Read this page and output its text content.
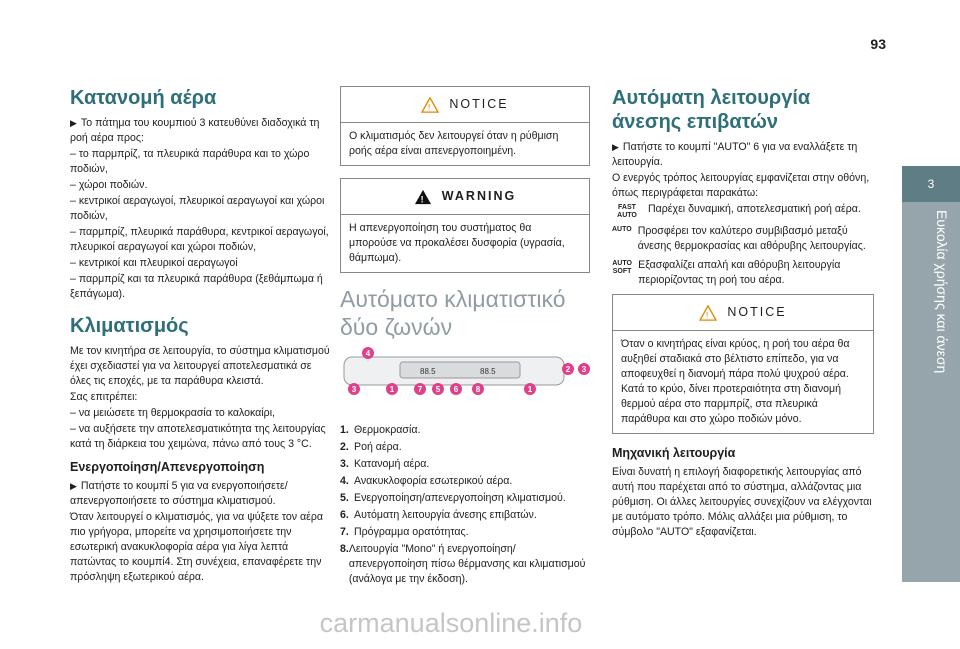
93
3
Ευκολία χρήσης και άνεση
Κατανομή αέρα

▶ Το πάτημα του κουμπιού 3 κατευθύνει διαδοχικά τη ροή αέρα προς:

– το παρμπρίζ, τα πλευρικά παράθυρα και το χώρο ποδιών,

– χώροι ποδιών.

– κεντρικοί αεραγωγοί, πλευρικοί αεραγωγοί και χώροι ποδιών,

– παρμπρίζ, πλευρικά παράθυρα, κεντρικοί αεραγωγοί, πλευρικοί αεραγωγοί και χώροι ποδιών,

– κεντρικοί και πλευρικοί αεραγωγοί

– παρμπρίζ και τα πλευρικά παράθυρα (ξεθάμπωμα ή ξεπάγωμα).

Κλιματισμός

Με τον κινητήρα σε λειτουργία, το σύστημα κλιματισμού έχει σχεδιαστεί για να λειτουργεί αποτελεσματικά σε όλες τις εποχές, με τα παράθυρα κλειστά.

Σας επιτρέπει:

– να μειώσετε τη θερμοκρασία το καλοκαίρι,

– να αυξήσετε την αποτελεσματικότητα της λειτουργίας κατά τη διάρκεια του χειμώνα, πάνω από τους 3 °C.

Ενεργοποίηση/Απενεργοποίηση

▶ Πατήστε το κουμπί 5 για να ενεργοποιήσετε/απενεργοποιήσετε το σύστημα κλιματισμού.

Όταν λειτουργεί ο κλιματισμός, για να ψύξετε τον αέρα πιο γρήγορα, μπορείτε να χρησιμοποιήσετε την εσωτερική ανακυκλοφορία αέρα για λίγα λεπτά πατώντας το κουμπί4. Στη συνέχεια, επαναφέρετε την πρόσληψη εξωτερικού αέρα.

! NOTICE
Ο κλιματισμός δεν λειτουργεί όταν η ρύθμιση ροής αέρα είναι απενεργοποιημένη.
! WARNING
Η απενεργοποίηση του συστήματος θα μπορούσε να προκαλέσει δυσφορία (υγρασία, θάμπωμα).
Αυτόματο κλιματιστικό δύο ζωνών
88.5	88.5
4
3	1	7 5 6 8	1
2 3
1. Θερμοκρασία.
2. Ροή αέρα.
3. Κατανομή αέρα.
4. Ανακυκλοφορία εσωτερικού αέρα.
5. Ενεργοποίηση/απενεργοποίηση κλιματισμού.
6. Αυτόματη λειτουργία άνεσης επιβατών.
7. Πρόγραμμα ορατότητας.
8. Λειτουργία "Mono" ή ενεργοποίηση/απενεργοποίηση πίσω θέρμανσης και κλιματισμού (ανάλογα με την έκδοση).
Αυτόματη λειτουργία άνεσης επιβατών

▶ Πατήστε το κουμπί "AUTO" 6 για να εναλλάξετε τη λειτουργία.

Ο ενεργός τρόπος λειτουργίας εμφανίζεται στην οθόνη, όπως περιγράφεται παρακάτω:

FAST AUTO
Παρέχει δυναμική, αποτελεσματική ροή αέρα.
AUTO Προσφέρει τον καλύτερο συμβιβασμό μεταξύ άνεσης θερμοκρασίας και αθόρυβης λειτουργίας.
AUTO SOFT
Εξασφαλίζει απαλή και αθόρυβη λειτουργία περιορίζοντας τη ροή του αέρα.
! NOTICE
Όταν ο κινητήρας είναι κρύος, η ροή του αέρα θα αυξηθεί σταδιακά στο βέλτιστο επίπεδο, για να αποφευχθεί η διανομή πάρα πολύ ψυχρού αέρα. Κατά το κρύο, δίνει προτεραιότητα στη διανομή θερμού αέρα στο παρμπρίζ, στα πλευρικά παράθυρα και στο χώρο ποδιών μόνο.
Μηχανική λειτουργία

Είναι δυνατή η επιλογή διαφορετικής λειτουργίας από αυτή που παρέχεται από το σύστημα, αλλάζοντας μια ρύθμιση. Οι άλλες λειτουργίες συνεχίζουν να ελέγχονται με αυτόματο τρόπο. Μόλις αλλάξει μια ρύθμιση, το σύμβολο "AUTO" εξαφανίζεται.

carmanualsonline.info
